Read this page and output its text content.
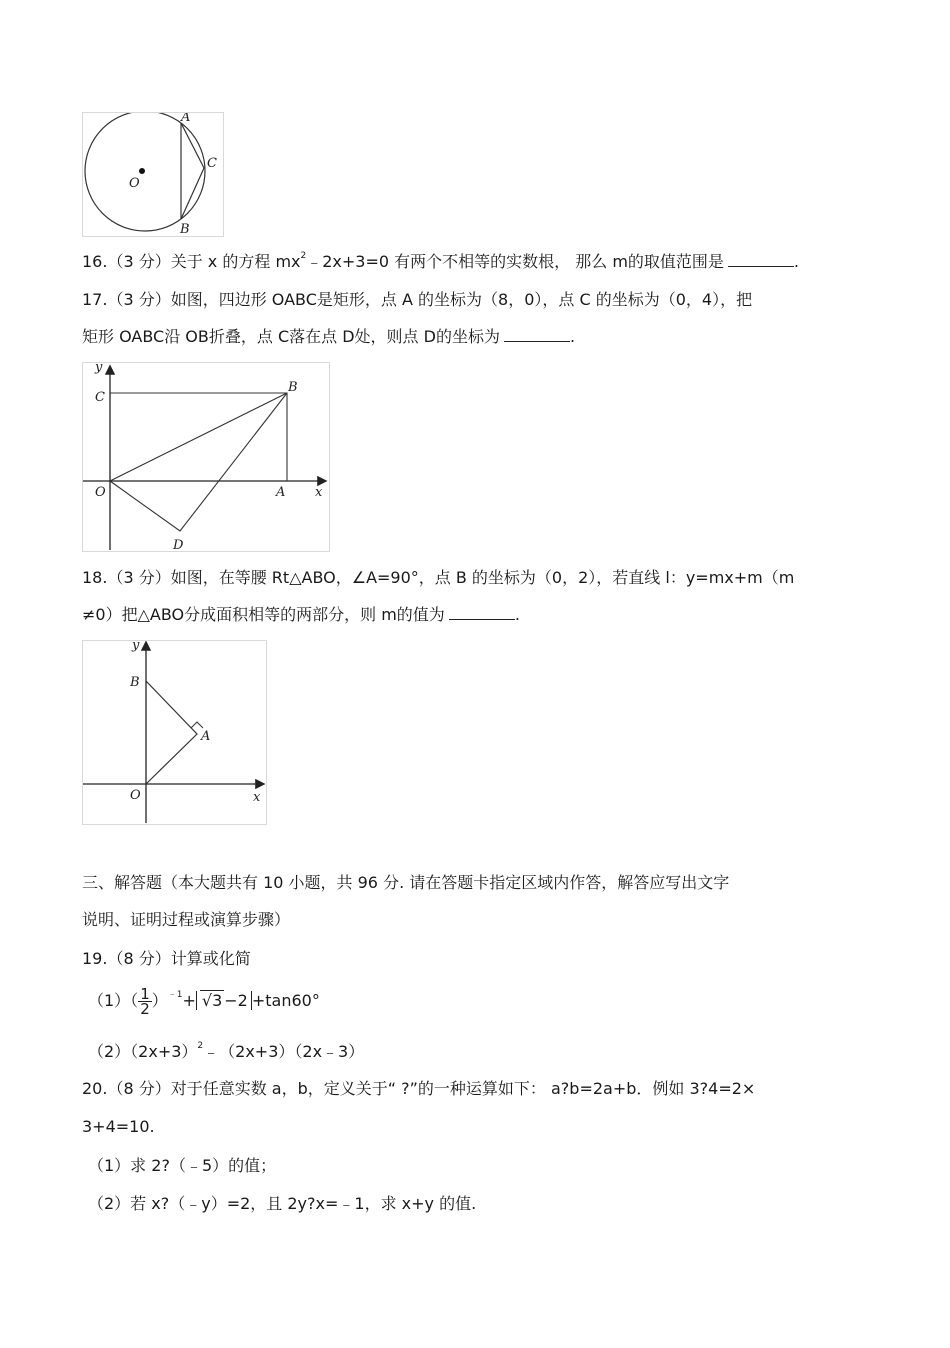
A
B
C
O
16.（3 分）关于 x 的方程 $mx^2﹣2x+3=0$ 有两个不相等的实数根， 那么 m的取值范围是	.
17.（3 分）如图，四边形 OABC是矩形，点 A 的坐标为（8，0），点 C 的坐标为（0，4），把
矩形 OABC沿 OB折叠，点 C落在点 D处，则点 D的坐标为	.
y
x
C
B
O	A
D
18.（3 分）如图，在等腰 Rt△ABO，∠A=90°，点 B 的坐标为（0，2），若直线 l：y=mx+m（m
≠0）把△ABO分成面积相等的两部分，则 m的值为	.
y
x
B
A
O
三、解答题（本大题共有 10 小题，共 96 分. 请在答题卡指定区域内作答，解答应写出文字
说明、证明过程或演算步骤）
19.（8 分）计算或化简
$(1)( \frac{1}{2} )^{﹣1}+ √3 -2 +\tan 60^\circ$
$(2)(2x+3)^2﹣(2x+3)(2x﹣3)$
20.（8 分）对于任意实数 a，b，定义关于“ ?”的一种运算如下： a?b=2a+b．例如 3?4=2×
3+4=10.
（1）求 2?（﹣5）的值；
（2）若 x?（﹣y）=2，且 2y?x=﹣1，求 x+y 的值.
